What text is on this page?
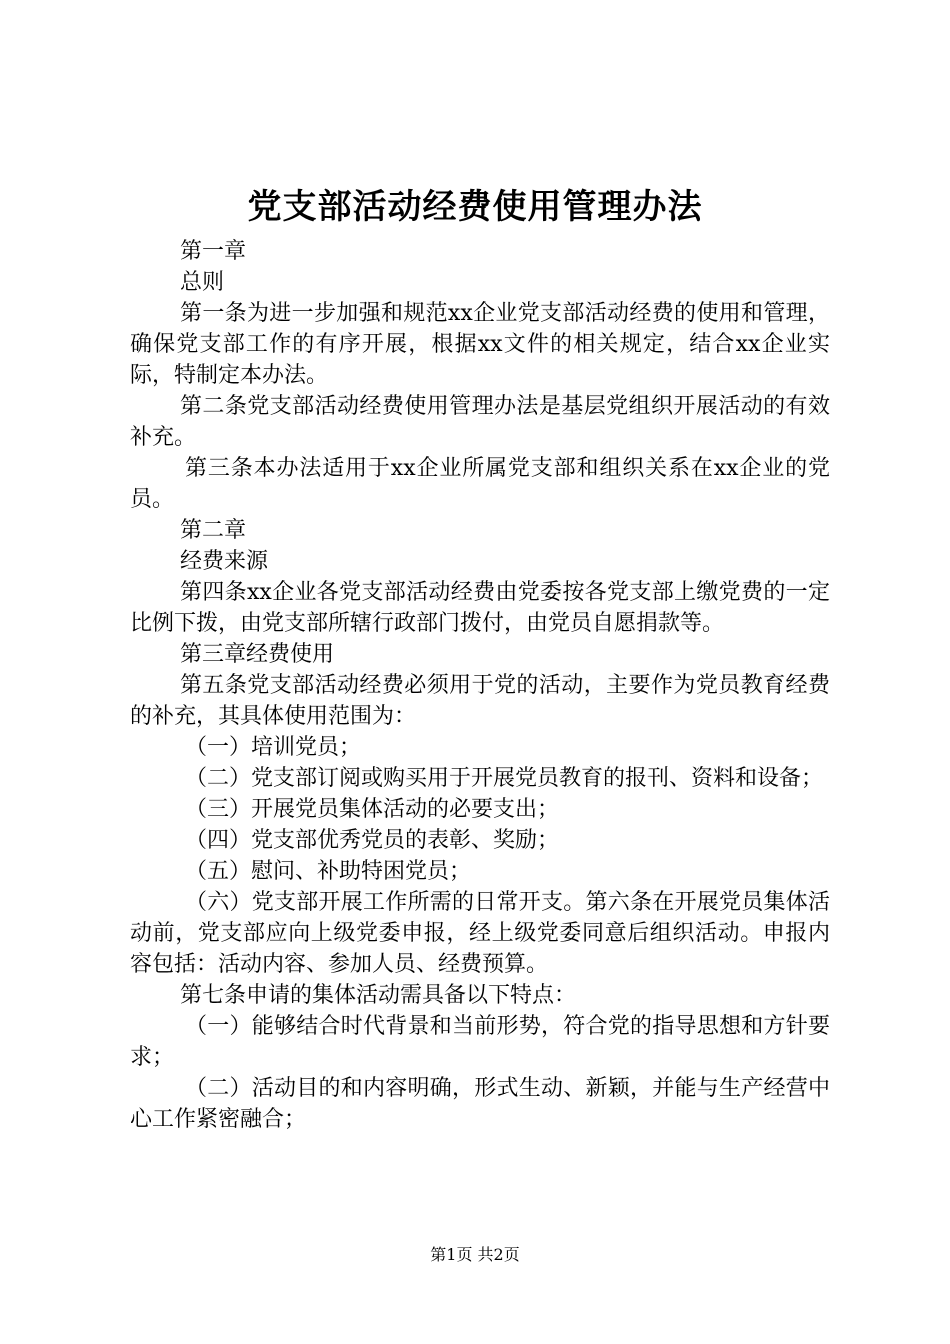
党支部活动经费使用管理办法

第一章

总则

第一条为进一步加强和规范xx企业党支部活动经费的使用和管理，确保党支部工作的有序开展，根据xx文件的相关规定，结合xx企业实际，特制定本办法。

第二条党支部活动经费使用管理办法是基层党组织开展活动的有效补充。

第三条本办法适用于xx企业所属党支部和组织关系在xx企业的党员。

第二章

经费来源

第四条xx企业各党支部活动经费由党委按各党支部上缴党费的一定比例下拨，由党支部所辖行政部门拨付，由党员自愿捐款等。

第三章经费使用

第五条党支部活动经费必须用于党的活动，主要作为党员教育经费的补充，其具体使用范围为：

（一）培训党员；

（二）党支部订阅或购买用于开展党员教育的报刊、资料和设备；

（三）开展党员集体活动的必要支出；

（四）党支部优秀党员的表彰、奖励；

（五）慰问、补助特困党员；

（六）党支部开展工作所需的日常开支。第六条在开展党员集体活动前，党支部应向上级党委申报，经上级党委同意后组织活动。申报内容包括：活动内容、参加人员、经费预算。

第七条申请的集体活动需具备以下特点：

（一）能够结合时代背景和当前形势，符合党的指导思想和方针要求；

（二）活动目的和内容明确，形式生动、新颖，并能与生产经营中心工作紧密融合；

第1页 共2页
